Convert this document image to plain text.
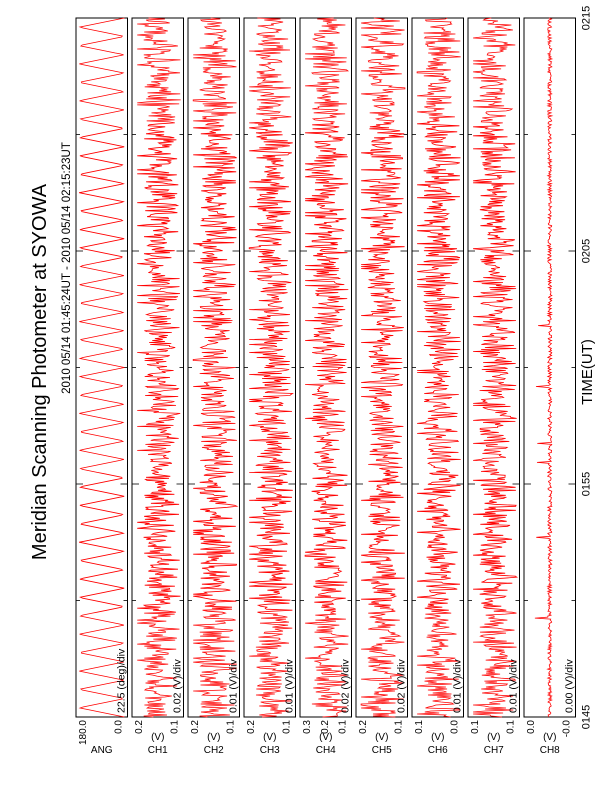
Meridian Scanning Photometer at SYOWA 2010 05/14 01:45:24UT - 2010 05/14 02:15:23UT	TIME(UT)
22.5 (deg)/div
180.0 0.0
ANG
0.02 (V)/div
0.2 0.1
CH1
(V)
0.01 (V)/div
0.2 0.1
CH2
(V)
0.01 (V)/div
0.2 0.1
CH3
(V)
0.02 (V)/div
0.3 0.2 0.1
CH4
(V)
0.02 (V)/div
0.2 0.1
CH5
(V)
0.01 (V)/div
0.1 0.0
CH6
(V)
0.01 (V)/div
0.1 0.1
CH7
(V)
0.00 (V)/div
0.0 -0.0
CH8
(V)
0145
0155
0205
0215
